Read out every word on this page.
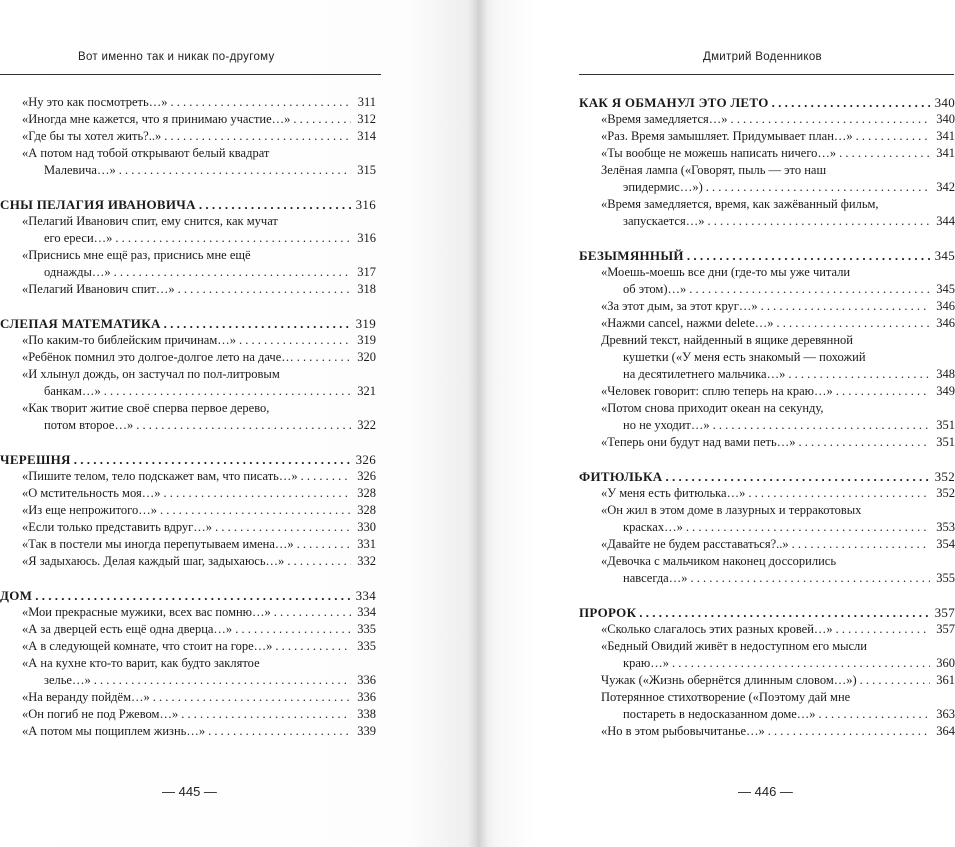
Вот именно так и никак по-другому
«Ну это как посмотреть…» . . .	311
«Иногда мне кажется, что я принимаю участие…» . . .	312
«Где бы ты хотел жить?..» . . .	314
«А потом над тобой открывают белый квадрат
Малевича…» . . .	315
СНЫ ПЕЛАГИЯ ИВАНОВИЧА . . .	316
«Пелагий Иванович спит, ему снится, как мучат
его ереси…» . . .	316
«Приснись мне ещё раз, приснись мне ещё
однажды…» . . .	317
«Пелагий Иванович спит…» . . .	318
СЛЕПАЯ МАТЕМАТИКА . . .	319
«По каким-то библейским причинам…» . . .	319
«Ребёнок помнил это долгое-долгое лето на даче… . . .	320
«И хлынул дождь, он застучал по пол-литровым
банкам…» . . .	321
«Как творит житие своё сперва первое дерево,
потом второе…» . . .	322
ЧЕРЕШНЯ . . .	326
«Пишите телом, тело подскажет вам, что писать…» . . .	326
«О мстительность моя…» . . .	328
«Из еще непрожитого…» . . .	328
«Если только представить вдруг…» . . .	330
«Так в постели мы иногда перепутываем имена…» . . .	331
«Я задыхаюсь. Делая каждый шаг, задыхаюсь…» . . .	332
ДОМ . . .	334
«Мои прекрасные мужики, всех вас помню…» . . .	334
«А за дверцей есть ещё одна дверца…» . . .	335
«А в следующей комнате, что стоит на горе…» . . .	335
«А на кухне кто-то варит, как будто заклятое
зелье…» . . .	336
«На веранду пойдём…» . . .	336
«Он погиб не под Ржевом…» . . .	338
«А потом мы пощиплем жизнь…» . . .	339
— 445 —
Дмитрий Воденников
КАК Я ОБМАНУЛ ЭТО ЛЕТО . . .	340
«Время замедляется…» . . .	340
«Раз. Время замышляет. Придумывает план…» . . .	341
«Ты вообще не можешь написать ничего…» . . .	341
Зелёная лампа («Говорят, пыль — это наш
эпидермис…») . . .	342
«Время замедляется, время, как зажёванный фильм,
запускается…» . . .	344
БЕЗЫМЯННЫЙ . . .	345
«Моешь-моешь все дни (где-то мы уже читали
об этом)…» . . .	345
«За этот дым, за этот круг…» . . .	346
«Нажми cancel, нажми delete…» . . .	346
Древний текст, найденный в ящике деревянной
кушетки («У меня есть знакомый — похожий
на десятилетнего мальчика…» . . .	348
«Человек говорит: сплю теперь на краю…» . . .	349
«Потом снова приходит океан на секунду,
но не уходит…» . . .	351
«Теперь они будут над вами петь…» . . .	351
ФИТЮЛЬКА . . .	352
«У меня есть фитюлька…» . . .	352
«Он жил в этом доме в лазурных и терракотовых
красках…» . . .	353
«Давайте не будем расставаться?..» . . .	354
«Девочка с мальчиком наконец доссорились
навсегда…» . . .	355
ПРОРОК . . .	357
«Сколько слагалось этих разных кровей…» . . .	357
«Бедный Овидий живёт в недоступном его мысли
краю…» . . .	360
Чужак («Жизнь обернётся длинным словом…») . . .	361
Потерянное стихотворение («Поэтому дай мне
постареть в недосказанном доме…» . . .	363
«Но в этом рыбовычитанье…» . . .	364
— 446 —
